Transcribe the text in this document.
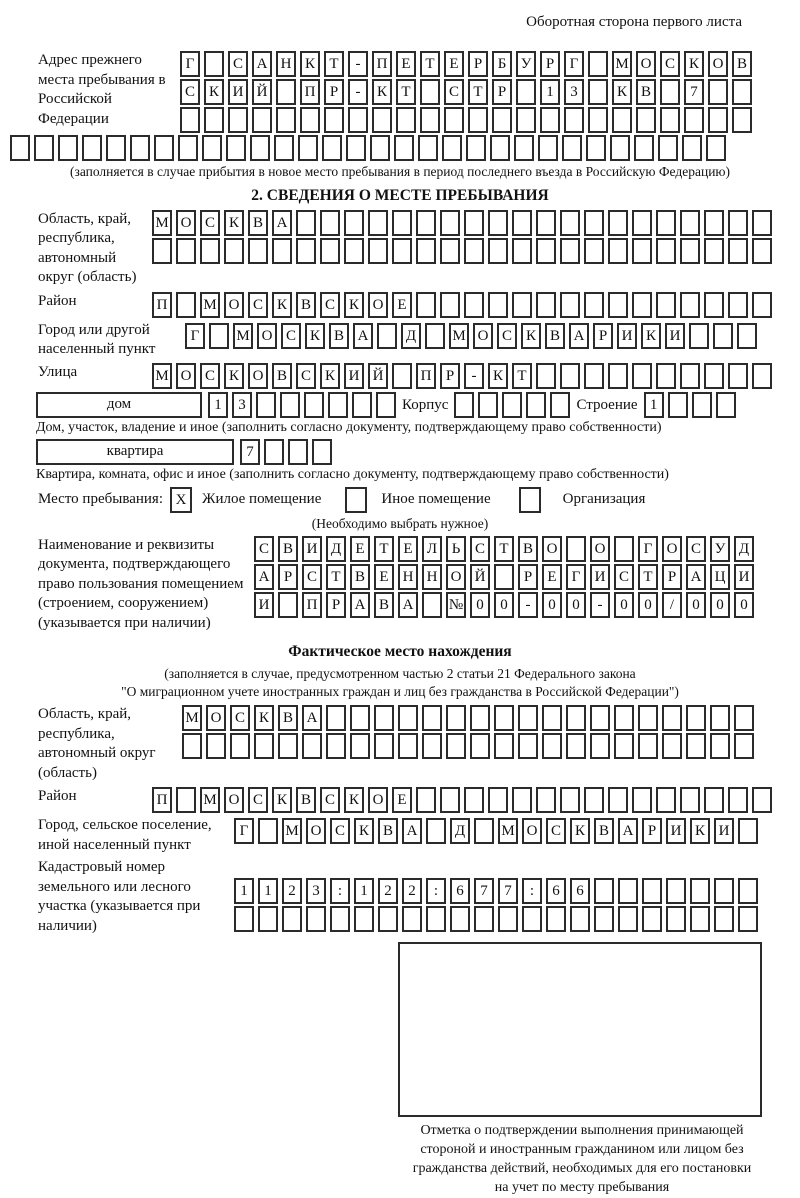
Оборотная сторона первого листа
Адрес прежнего места пребывания в Российской Федерации
Г	С А Н К Т - П Е Т Е Р Б У Р Г М О С К О В
С К И Й П Р - К Т	С Т Р	1 3	К В	7
(заполняется в случае прибытия в новое место пребывания в период последнего въезда в Российскую Федерацию)
2. СВЕДЕНИЯ О МЕСТЕ ПРЕБЫВАНИЯ
Область, край, республика, автономный округ (область)
М О С К В А
Район	П М О С К В С К О Е
Город или другой населенный пункт
Г М О С К В А Д М О С К В А Р И К И
Улица	М О С К О В С К И Й П Р - К Т
дом	1 3	Корпус	Строение 1
Дом, участок, владение и иное (заполнить согласно документу, подтверждающему право собственности)
квартира	7
Квартира, комната, офис и иное (заполнить согласно документу, подтверждающему право собственности)
Место пребывания: X	Жилое помещение	Иное помещение	Организация
(Необходимо выбрать нужное)
Наименование и реквизиты документа, подтверждающего право пользования помещением (строением, сооружением) (указывается при наличии)
С В И Д Е Т Е Л Ь С Т В О О	Г О С У Д
А Р С Т В Е Н Н О Й	Р Е Г И С Т Р А Ц И
И П Р А В А № 0 0 - 0 0 - 0 0 / 0 0 0
Фактическое место нахождения
(заполняется в случае, предусмотренном частью 2 статьи 21 Федерального закона
"О миграционном учете иностранных граждан и лиц без гражданства в Российской Федерации")
Область, край, республика, автономный округ (область)
М О С К В А
Район	П М О С К В С К О Е
Город, сельское поселение, иной населенный пункт
Г М О С К В А Д М О С К В А Р И К И
Кадастровый номер земельного или лесного участка (указывается при наличии)
1 1 2 3 : 1 2 2 : 6 7 7 : 6 6
Отметка о подтверждении выполнения принимающей
стороной и иностранным гражданином или лицом без
гражданства действий, необходимых для его постановки
на учет по месту пребывания
